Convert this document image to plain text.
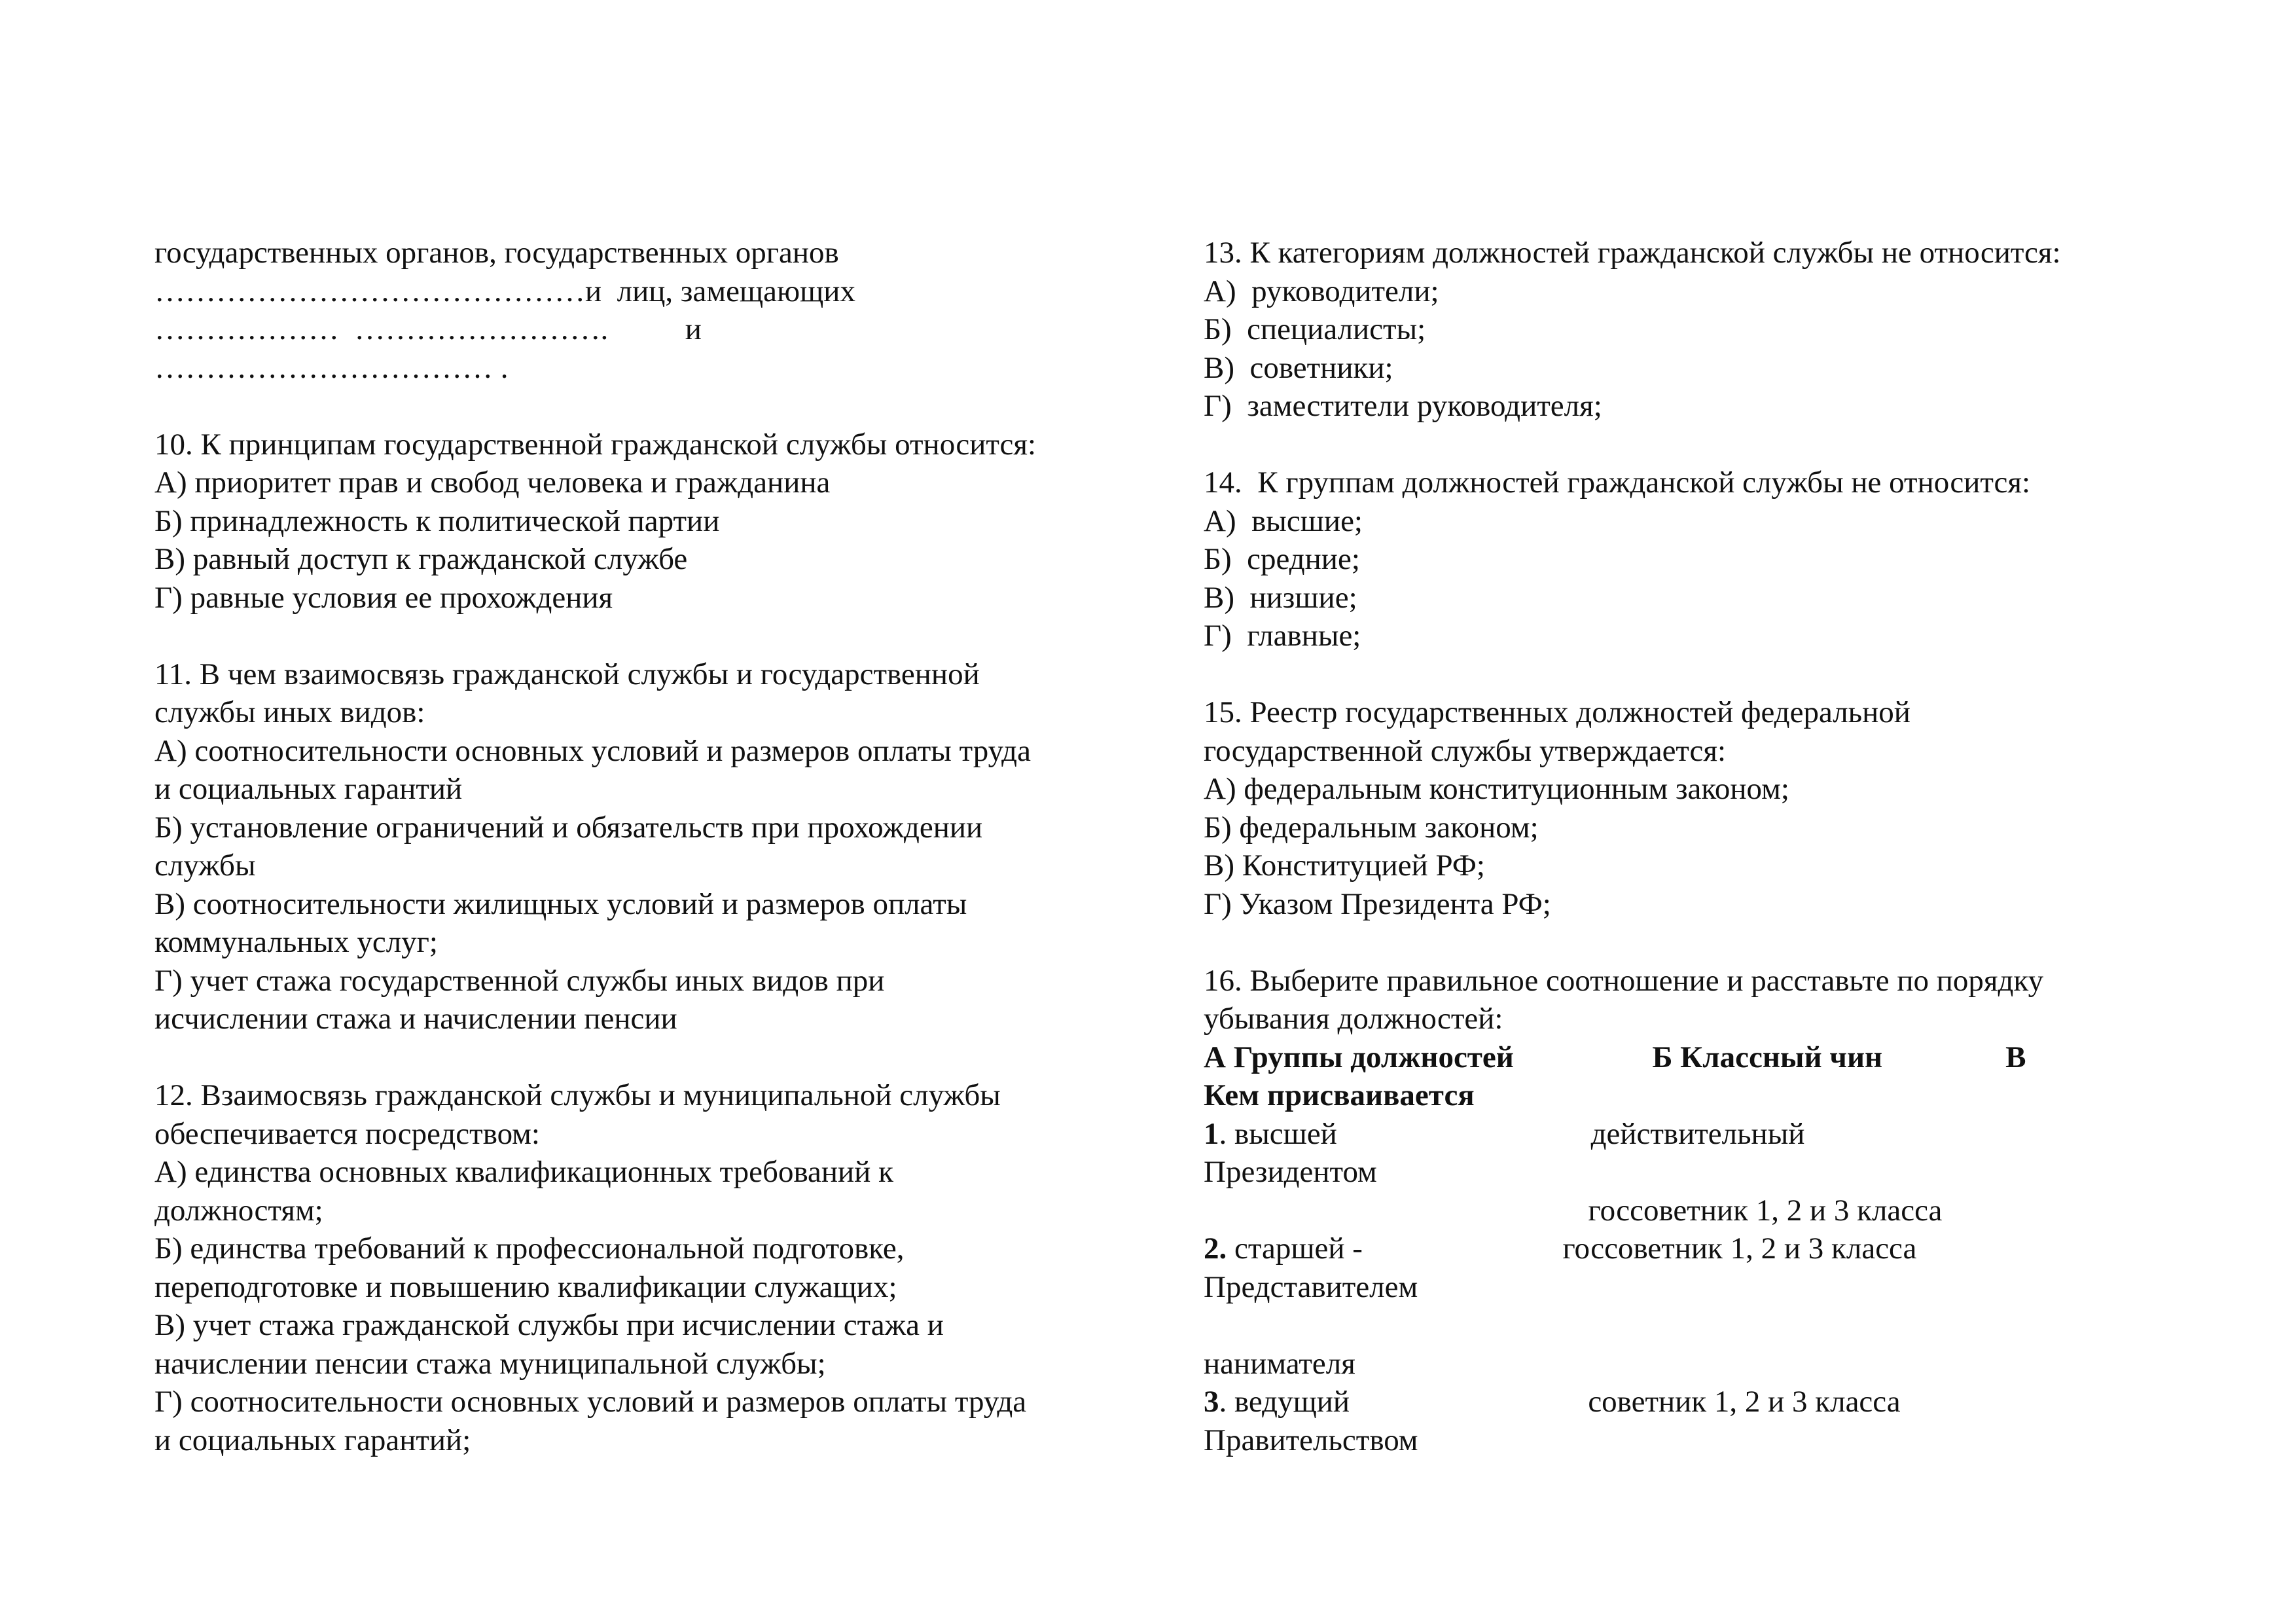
государственных органов, государственных органов
……………………………………и  лиц, замещающих
………………  …………………….          и
…………………………… .
10. К принципам государственной гражданской службы относится:
А) приоритет прав и свобод человека и гражданина
Б) принадлежность к политической партии
В) равный доступ к гражданской службе
Г) равные условия ее прохождения
11. В чем взаимосвязь гражданской службы и государственной
службы иных видов:
А) соотносительности основных условий и размеров оплаты труда
и социальных гарантий
Б) установление ограничений и обязательств при прохождении
службы
В) соотносительности жилищных условий и размеров оплаты
коммунальных услуг;
Г) учет стажа государственной службы иных видов при
исчислении стажа и начислении пенсии
12. Взаимосвязь гражданской службы и муниципальной службы
обеспечивается посредством:
А) единства основных квалификационных требований к
должностям;
Б) единства требований к профессиональной подготовке,
переподготовке и повышению квалификации служащих;
В) учет стажа гражданской службы при исчислении стажа и
начислении пенсии стажа муниципальной службы;
Г) соотносительности основных условий и размеров оплаты труда
и социальных гарантий;
13. К категориям должностей гражданской службы не относится:
А)  руководители;
Б)  специалисты;
В)  советники;
Г)  заместители руководителя;
14.  К группам должностей гражданской службы не относится:
А)  высшие;
Б)  средние;
В)  низшие;
Г)  главные;
15. Реестр государственных должностей федеральной
государственной службы утверждается:
А) федеральным конституционным законом;
Б) федеральным законом;
В) Конституцией РФ;
Г) Указом Президента РФ;
16. Выберите правильное соотношение и расставьте по порядку
убывания должностей:
А Группы должностей                  Б Классный чин                В
Кем присваивается
1. высшей                                 действительный
Президентом
госсоветник 1, 2 и 3 класса
2. старшей -                          госсоветник 1, 2 и 3 класса
Представителем
нанимателя
3. ведущий                               советник 1, 2 и 3 класса
Правительством
